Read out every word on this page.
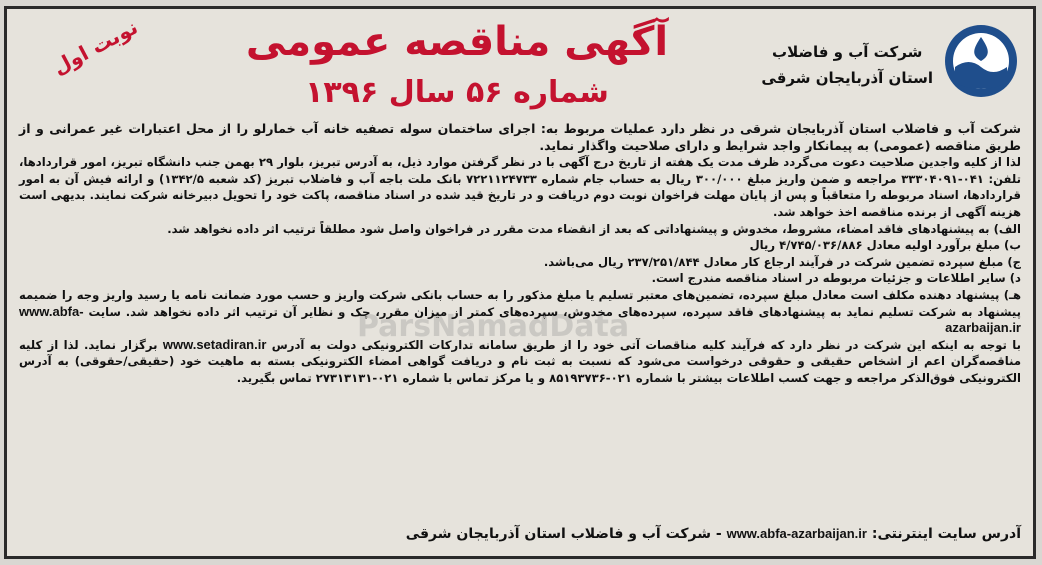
شرکت آب و فاضلاب
استان آذربایجان شرقی
آگهی مناقصه عمومی
شماره ۵۶ سال ۱۳۹۶
نوبت اول
ParsNamadData

شرکت آب و فاضلاب استان آذربایجان شرقی در نظر دارد عملیات مربوط به: اجرای ساختمان سوله تصفیه خانه آب خمارلو را از محل اعتبارات غیر عمرانی و از طریق مناقصه (عمومی) به پیمانکار واجد شرایط و دارای صلاحیت واگذار نماید.

لذا از کلیه واجدین صلاحیت دعوت می‌گردد ظرف مدت یک هفته از تاریخ درج آگهی با در نظر گرفتن موارد ذیل، به آدرس تبریز، بلوار ۲۹ بهمن جنب دانشگاه تبریز، امور قراردادها، تلفن: ۰۴۱-۳۳۳۰۴۰۹۱ مراجعه و ضمن واریز مبلغ ۳۰۰/۰۰۰ ریال به حساب جام شماره ۷۲۲۱۱۲۴۷۳۳ بانک ملت باجه آب و فاضلاب تبریز (کد شعبه ۱۳۴۲/۵) و ارائه فیش آن به امور قراردادها، اسناد مربوطه را متعاقباً و پس از پایان مهلت فراخوان نوبت دوم دریافت و در تاریخ قید شده در اسناد مناقصه، پاکت خود را تحویل دبیرخانه شرکت نمایند. بدیهی است هزینه آگهی از برنده مناقصه اخذ خواهد شد.

الف) به پیشنهادهای فاقد امضاء، مشروط، مخدوش و پیشنهاداتی که بعد از انقضاء مدت مقرر در فراخوان واصل شود مطلقاً ترتیب اثر داده نخواهد شد.

ب) مبلغ برآورد اولیه معادل ۴/۷۴۵/۰۳۶/۸۸۶ ریال

ج) مبلغ سپرده تضمین شرکت در فرآیند ارجاع کار معادل ۲۳۷/۲۵۱/۸۴۴ ریال می‌باشد.

د) سایر اطلاعات و جزئیات مربوطه در اسناد مناقصه مندرج است.

هـ) پیشنهاد دهنده مکلف است معادل مبلغ سپرده، تضمین‌های معتبر تسلیم یا مبلغ مذکور را به حساب بانکی شرکت واریز و حسب مورد ضمانت نامه یا رسید واریز وجه را ضمیمه پیشنهاد به شرکت تسلیم نماید به پیشنهادهای فاقد سپرده، سپرده‌های مخدوش، سپرده‌های کمتر از میزان مقرر، چک و نظایر آن ترتیب اثر داده نخواهد شد. سایت www.abfa-azarbaijan.ir

با توجه به اینکه این شرکت در نظر دارد که فرآیند کلیه مناقصات آتی خود را از طریق سامانه تدارکات الکترونیکی دولت به آدرس www.setadiran.ir برگزار نماید. لذا از کلیه مناقصه‌گران اعم از اشخاص حقیقی و حقوقی درخواست می‌شود که نسبت به ثبت نام و دریافت گواهی امضاء الکترونیکی بسته به ماهیت خود (حقیقی/حقوقی) به آدرس الکترونیکی فوق‌الذکر مراجعه و جهت کسب اطلاعات بیشتر با شماره ۰۲۱-۸۵۱۹۳۷۳۶ و یا مرکز تماس با شماره ۰۲۱-۲۷۳۱۳۱۳۱ تماس بگیرید.

آدرس سایت اینترنتی: www.abfa-azarbaijan.ir - شرکت آب و فاضلاب استان آذربایجان شرقی
